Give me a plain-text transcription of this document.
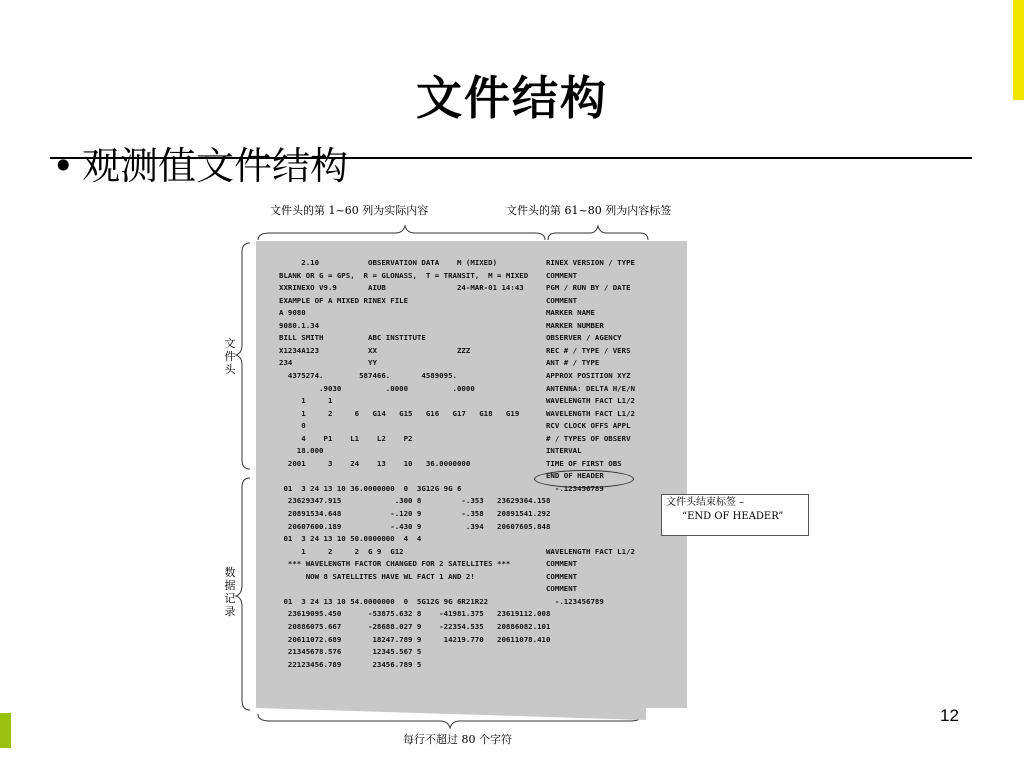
文件结构
• 观测值文件结构
文件头的第 1~60 列为实际内容	文件头的第 61~80 列为内容标签
文件头
数据记录
2.10           OBSERVATION DATA    M (MIXED)           RINEX VERSION / TYPE
BLANK OR G = GPS,  R = GLONASS,  T = TRANSIT,  M = MIXED    COMMENT
XXRINEXO V9.9       AIUB                24-MAR-01 14:43     PGM / RUN BY / DATE
EXAMPLE OF A MIXED RINEX FILE                               COMMENT
A 9080                                                      MARKER NAME
9080.1.34                                                   MARKER NUMBER
BILL SMITH          ABC INSTITUTE                           OBSERVER / AGENCY
X1234A123           XX                  ZZZ                 REC # / TYPE / VERS
234                 YY                                      ANT # / TYPE
4375274.        587466.       4589095.                    APPROX POSITION XYZ
.9030          .0000          .0000                ANTENNA: DELTA H/E/N
1     1                                                WAVELENGTH FACT L1/2
1     2     6   G14   G15   G16   G17   G18   G19      WAVELENGTH FACT L1/2
0                                                      RCV CLOCK OFFS APPL
4    P1    L1    L2    P2                              # / TYPES OF OBSERV
18.000                                                  INTERVAL
2001     3    24    13    10   36.0000000                 TIME OF FIRST OBS
END OF HEADER
01  3 24 13 10 36.0000000  0  3G12G 9G 6                     -.123456789
23629347.915            .300 8         -.353   23629364.158
20891534.648           -.120 9         -.358   20891541.292
20607600.189           -.430 9          .394   20607605.848
01  3 24 13 10 50.0000000  4  4
1     2     2  G 9  G12                                WAVELENGTH FACT L1/2
*** WAVELENGTH FACTOR CHANGED FOR 2 SATELLITES ***        COMMENT
NOW 8 SATELLITES HAVE WL FACT 1 AND 2!                COMMENT
COMMENT
01  3 24 13 10 54.0000000  0  5G12G 9G 6R21R22               -.123456789
23619095.450      -53875.632 8    -41981.375   23619112.008
20886075.667      -28688.027 9    -22354.535   20886082.101
20611072.689       18247.789 9     14219.770   20611078.410
21345678.576       12345.567 5
22123456.789       23456.789 5
文件头结束标签 –
“END OF HEADER”
每行不超过 80 个字符
12
